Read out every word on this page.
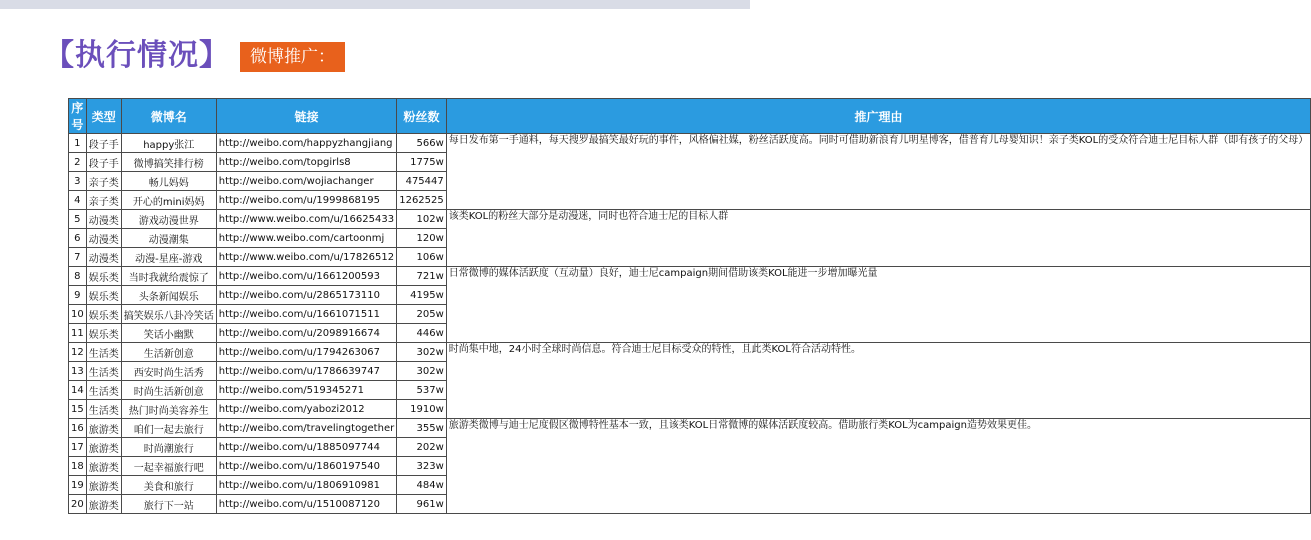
【执行情况】	微博推广：
序号	类型	微博名	链接	粉丝数	推广理由
1	段子手	happy张江	http://weibo.com/happyzhangjiang	566w	每日发布第一手通料，每天搜罗最搞笑最好玩的事件，风格偏社媒，粉丝活跃度高。同时可借助新浪育儿明星博客，借普育儿母婴知识！亲子类KOL的受众符合迪士尼目标人群（即有孩子的父母）
2	段子手	微博搞笑排行榜	http://weibo.com/topgirls8	1775w	
3	亲子类	畅儿妈妈	http://weibo.com/wojiachanger	475447	
4	亲子类	开心的mini妈妈	http://weibo.com/u/1999868195	1262525	
5	动漫类	游戏动漫世界	http://www.weibo.com/u/16625433	102w	该类KOL的粉丝大部分是动漫迷，同时也符合迪士尼的目标人群
6	动漫类	动漫潮集	http://www.weibo.com/cartoonmj	120w	
7	动漫类	动漫-星座-游戏	http://www.weibo.com/u/17826512	106w	
8	娱乐类	当时我就给震惊了	http://weibo.com/u/1661200593	721w	日常微博的媒体活跃度（互动量）良好，迪士尼campaign期间借助该类KOL能进一步增加曝光量
9	娱乐类	头条新闻娱乐	http://weibo.com/u/2865173110	4195w	
10	娱乐类	搞笑娱乐八卦冷笑话	http://weibo.com/u/1661071511	205w	
11	娱乐类	笑话小幽默	http://weibo.com/u/2098916674	446w	
12	生活类	生活新创意	http://weibo.com/u/1794263067	302w	时尚集中地，24小时全球时尚信息。符合迪士尼目标受众的特性，且此类KOL符合活动特性。
13	生活类	西安时尚生活秀	http://weibo.com/u/1786639747	302w	
14	生活类	时尚生活新创意	http://weibo.com/519345271	537w	
15	生活类	热门时尚美容养生	http://weibo.com/yabozi2012	1910w	
16	旅游类	咱们一起去旅行	http://weibo.com/travelingtogether	355w	旅游类微博与迪士尼度假区微博特性基本一致，且该类KOL日常微博的媒体活跃度较高。借助旅行类KOL为campaign造势效果更佳。
17	旅游类	时尚潮旅行	http://weibo.com/u/1885097744	202w	
18	旅游类	一起幸福旅行吧	http://weibo.com/u/1860197540	323w	
19	旅游类	美食和旅行	http://weibo.com/u/1806910981	484w	
20	旅游类	旅行下一站	http://weibo.com/u/1510087120	961w	
